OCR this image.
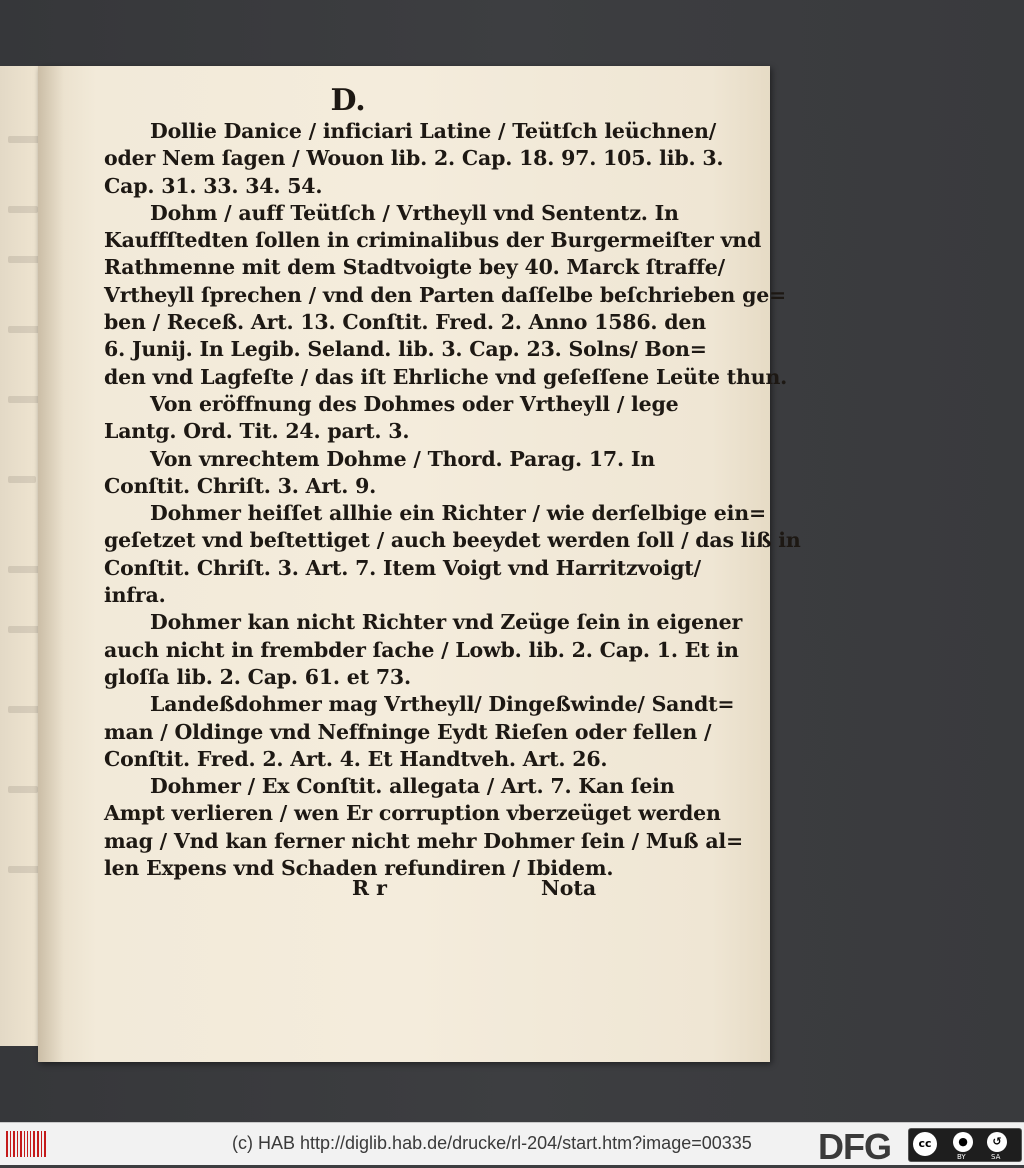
D.
Dollie Danice / inficiari Latine / Teütſch leüchnen/
oder Nem ſagen / Wouon lib. 2. Cap. 18. 97. 105. lib. 3.
Cap. 31. 33. 34. 54.
Dohm / auff Teütſch / Vrtheyll vnd Sententz. In
Kauffſtedten ſollen in criminalibus der Burgermeiſter vnd
Rathmenne mit dem Stadtvoigte bey 40. Marck ſtraffe/
Vrtheyll ſprechen / vnd den Parten daſſelbe beſchrieben ge=
ben / Receß. Art. 13. Conſtit. Fred. 2. Anno 1586. den
6. Junij. In Legib. Seland. lib. 3. Cap. 23. Solns/ Bon=
den vnd Lagfeſte / das iſt Ehrliche vnd geſeſſene Leüte thun.
Von eröffnung des Dohmes oder Vrtheyll / lege
Lantg. Ord. Tit. 24. part. 3.
Von vnrechtem Dohme / Thord. Parag. 17. In
Conſtit. Chriſt. 3. Art. 9.
Dohmer heiſſet allhie ein Richter / wie derſelbige ein=
geſetzet vnd beſtettiget / auch beeydet werden ſoll / das liß in
Conſtit. Chriſt. 3. Art. 7. Item Voigt vnd Harritzvoigt/
infra.
Dohmer kan nicht Richter vnd Zeüge ſein in eigener
auch nicht in frembder ſache / Lowb. lib. 2. Cap. 1. Et in
gloſſa lib. 2. Cap. 61. et 73.
Landeßdohmer mag Vrtheyll/ Dingeßwinde/ Sandt=
man / Oldinge vnd Neffninge Eydt Rieſen oder fellen /
Conſtit. Fred. 2. Art. 4. Et Handtveh. Art. 26.
Dohmer / Ex Conſtit. allegata / Art. 7. Kan ſein
Ampt verlieren / wen Er corruption vberzeüget werden
mag / Vnd kan ferner nicht mehr Dohmer ſein / Muß al=
len Expens vnd Schaden refundiren / Ibidem.
R r	Nota
(c) HAB http://diglib.hab.de/drucke/rl-204/start.htm?image=00335 DFG	cc	●	↺
BY	SA
